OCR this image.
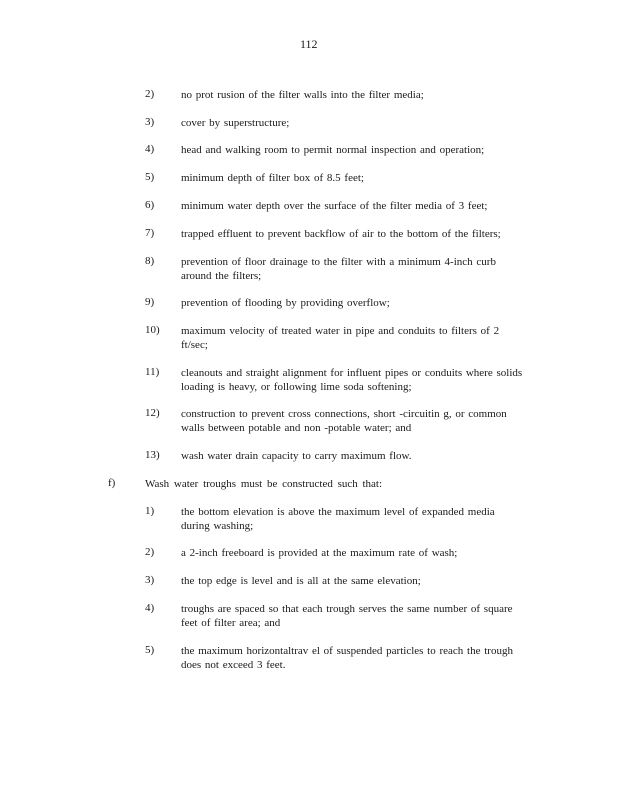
112
2) no prot rusion of the filter walls into the filter media;
3) cover by superstructure;
4) head and walking room to permit normal inspection and operation;
5) minimum depth of filter box of 8.5 feet;
6) minimum water depth over the surface of the filter media of 3 feet;
7) trapped effluent to prevent backflow of air to the bottom of the filters;
8) prevention of floor drainage to the filter with a minimum 4-inch curb around the filters;
9) prevention of flooding by providing overflow;
10) maximum velocity of treated water in pipe and conduits to filters of 2 ft/sec;
11) cleanouts and straight alignment for influent pipes or conduits where solids loading is heavy, or following lime soda softening;
12) construction to prevent cross connections, short -circuitin g, or common walls between potable and non -potable water; and
13) wash water drain capacity to carry maximum flow.
f)	Wash water troughs must be constructed such that:
1) the bottom elevation is above the maximum level of expanded media during washing;
2) a 2-inch freeboard is provided at the maximum rate of wash;
3) the top edge is level and is all at the same elevation;
4) troughs are spaced so that each trough serves the same number of square feet of filter area; and
5) the maximum horizontaltrav el of suspended particles to reach the trough does not exceed 3 feet.
